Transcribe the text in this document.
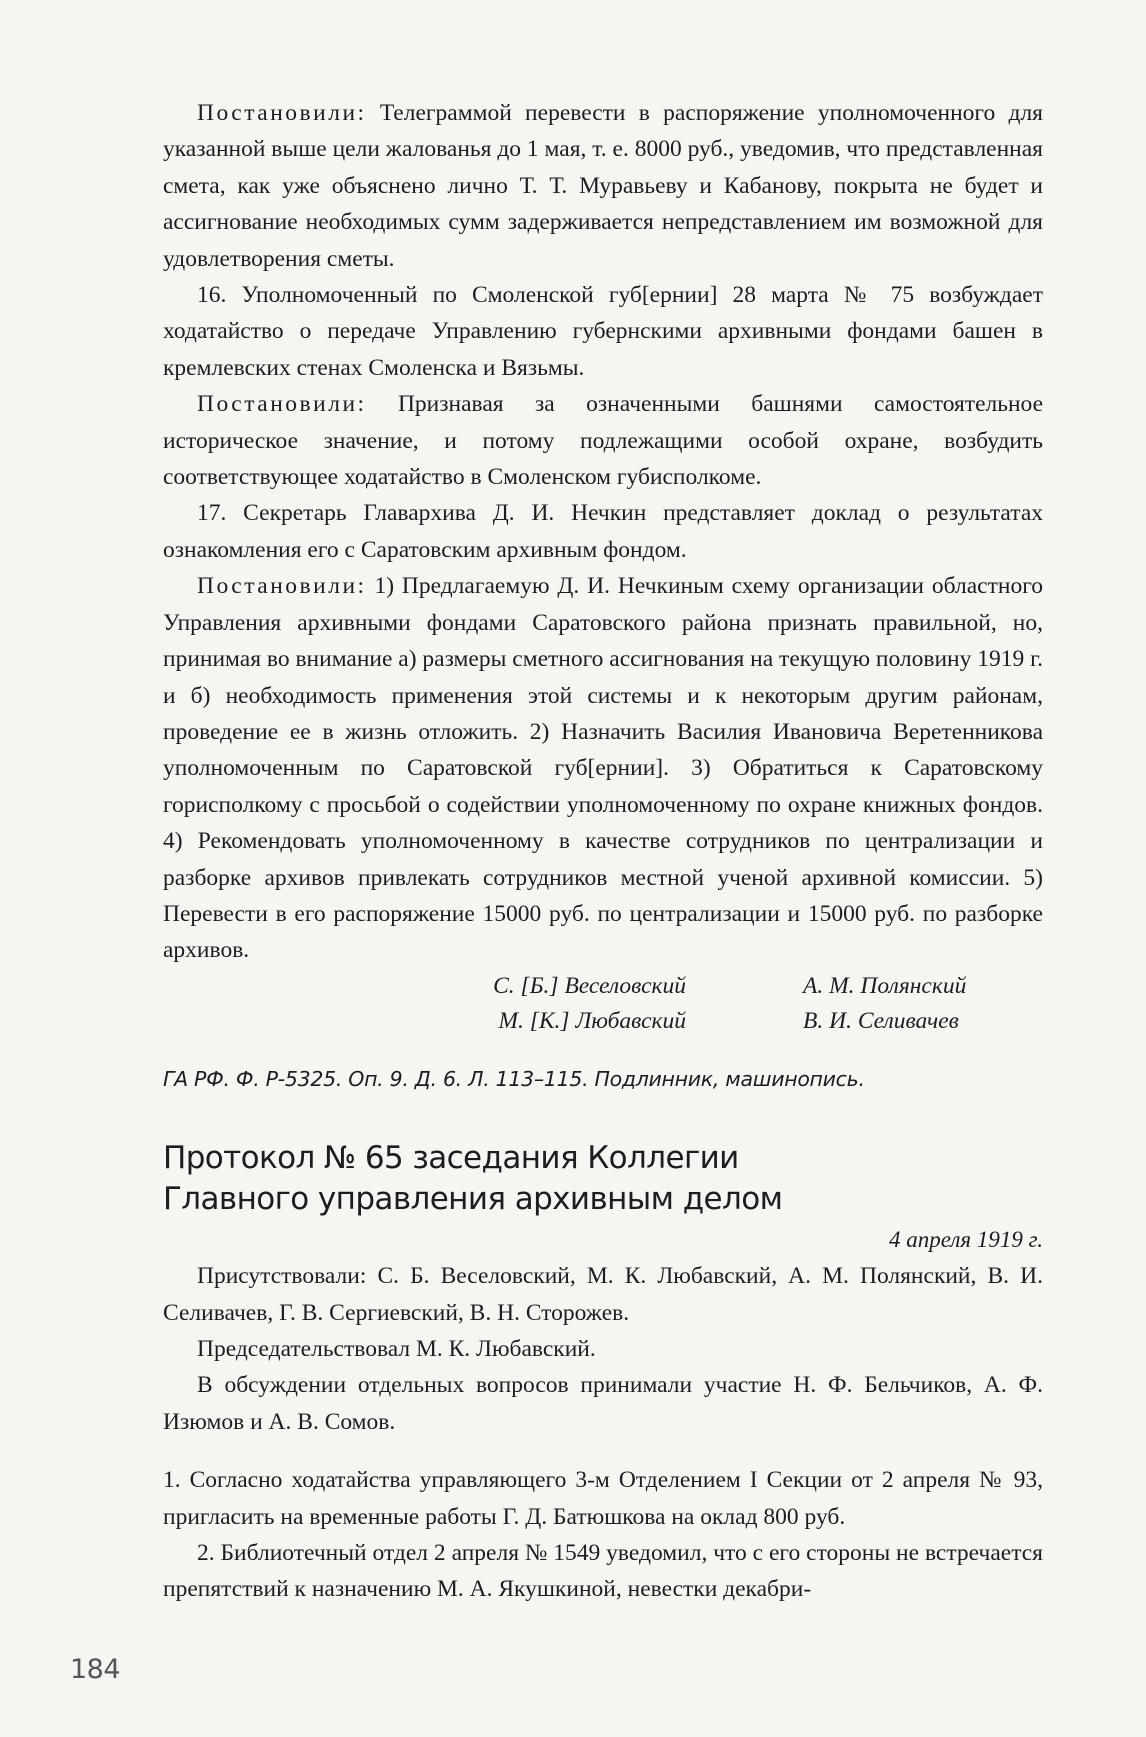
Постановили: Телеграммой перевести в распоряжение уполномоченного для указанной выше цели жалованья до 1 мая, т. е. 8000 руб., уведомив, что представленная смета, как уже объяснено лично Т. Т. Муравьеву и Кабанову, покрыта не будет и ассигнование необходимых сумм задерживается непредставлением им возможной для удовлетворения сметы.

16. Уполномоченный по Смоленской губ[ернии] 28 марта № 75 возбуждает ходатайство о передаче Управлению губернскими архивными фондами башен в кремлевских стенах Смоленска и Вязьмы.

Постановили: Признавая за означенными башнями самостоятельное историческое значение, и потому подлежащими особой охране, возбудить соответствующее ходатайство в Смоленском губисполкоме.

17. Секретарь Главархива Д. И. Нечкин представляет доклад о результатах ознакомления его с Саратовским архивным фондом.

Постановили: 1) Предлагаемую Д. И. Нечкиным схему организации областного Управления архивными фондами Саратовского района признать правильной, но, принимая во внимание а) размеры сметного ассигнования на текущую половину 1919 г. и б) необходимость применения этой системы и к некоторым другим районам, проведение ее в жизнь отложить. 2) Назначить Василия Ивановича Веретенникова уполномоченным по Саратовской губ[ернии]. 3) Обратиться к Саратовскому горисполкому с просьбой о содействии уполномоченному по охране книжных фондов. 4) Рекомендовать уполномоченному в качестве сотрудников по централизации и разборке архивов привлекать сотрудников местной ученой архивной комиссии. 5) Перевести в его распоряжение 15000 руб. по централизации и 15000 руб. по разборке архивов.

С. [Б.] Веселовский	А. М. Полянский
М. [К.] Любавский	В. И. Селивачев

ГА РФ. Ф. Р-5325. Оп. 9. Д. 6. Л. 113–115. Подлинник, машинопись.

Протокол № 65 заседания Коллегии
Главного управления архивным делом

4 апреля 1919 г.

Присутствовали: С. Б. Веселовский, М. К. Любавский, А. М. Полянский, В. И. Селивачев, Г. В. Сергиевский, В. Н. Сторожев.

Председательствовал М. К. Любавский.

В обсуждении отдельных вопросов принимали участие Н. Ф. Бельчиков, А. Ф. Изюмов и А. В. Сомов.

1. Согласно ходатайства управляющего 3-м Отделением I Секции от 2 апреля № 93, пригласить на временные работы Г. Д. Батюшкова на оклад 800 руб.

2. Библиотечный отдел 2 апреля № 1549 уведомил, что с его стороны не встречается препятствий к назначению М. А. Якушкиной, невестки декабри-

184
